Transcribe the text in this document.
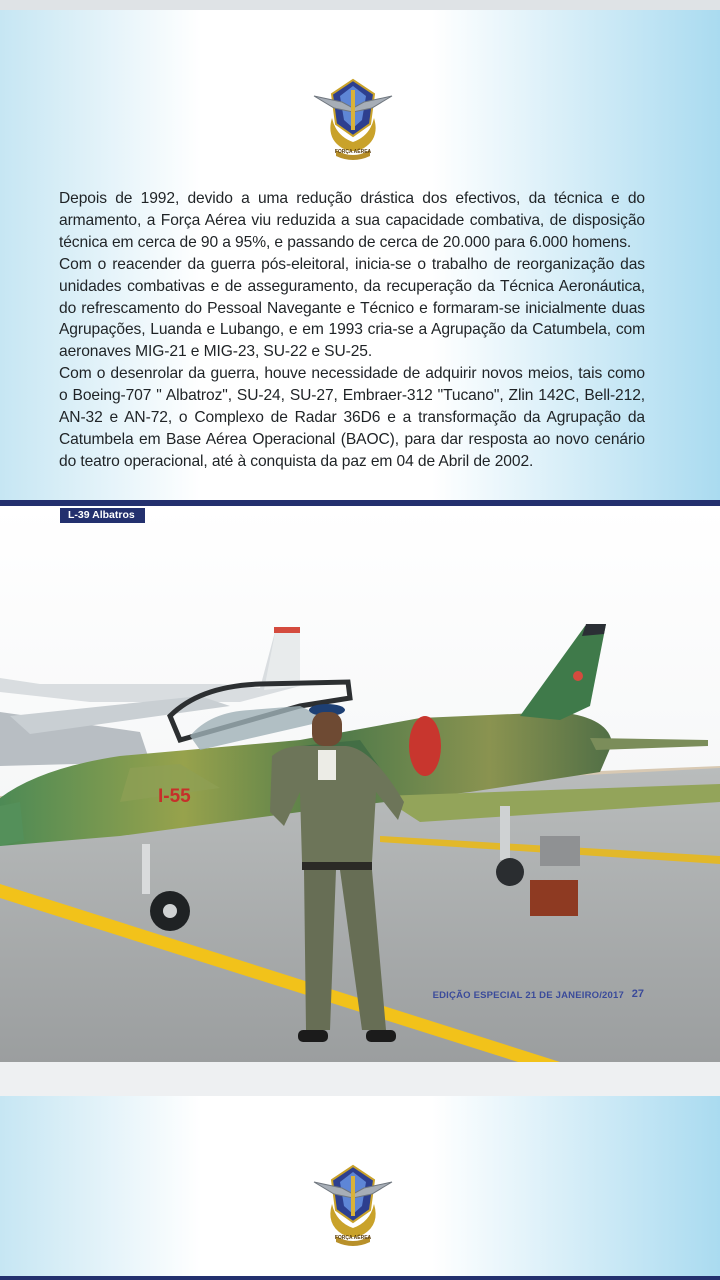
FORÇA AÉREA

Depois de 1992, devido a uma redução drástica dos efectivos, da técnica e do armamento, a Força Aérea viu reduzida a sua capacidade combativa, de disposição técnica em cerca de 90 a 95%, e passando de cerca de 20.000 para 6.000 homens.

Com o reacender da guerra pós-eleitoral, inicia-se o trabalho de reorganização das unidades combativas e de asseguramento, da recuperação da Técnica Aeronáutica, do refrescamento do Pessoal Navegante e Técnico e formaram-se inicialmente duas Agrupações, Luanda e Lubango, e em 1993 cria-se a Agrupação da Catumbela, com aeronaves MIG-21 e MIG-23, SU-22 e SU-25.

Com o desenrolar da guerra, houve necessidade de adquirir novos meios, tais como o Boeing-707 " Albatroz", SU-24, SU-27, Embraer-312 "Tucano", Zlin 142C, Bell-212, AN-32 e AN-72, o Complexo de Radar 36D6 e a transformação da Agrupação da Catumbela em Base Aérea Operacional (BAOC), para dar resposta ao novo cenário do teatro operacional, até à conquista da paz em 04 de Abril de 2002.

I-55
L-39 Albatros
EDIÇÃO ESPECIAL 21 DE JANEIRO/2017 27
FORÇA AÉREA
